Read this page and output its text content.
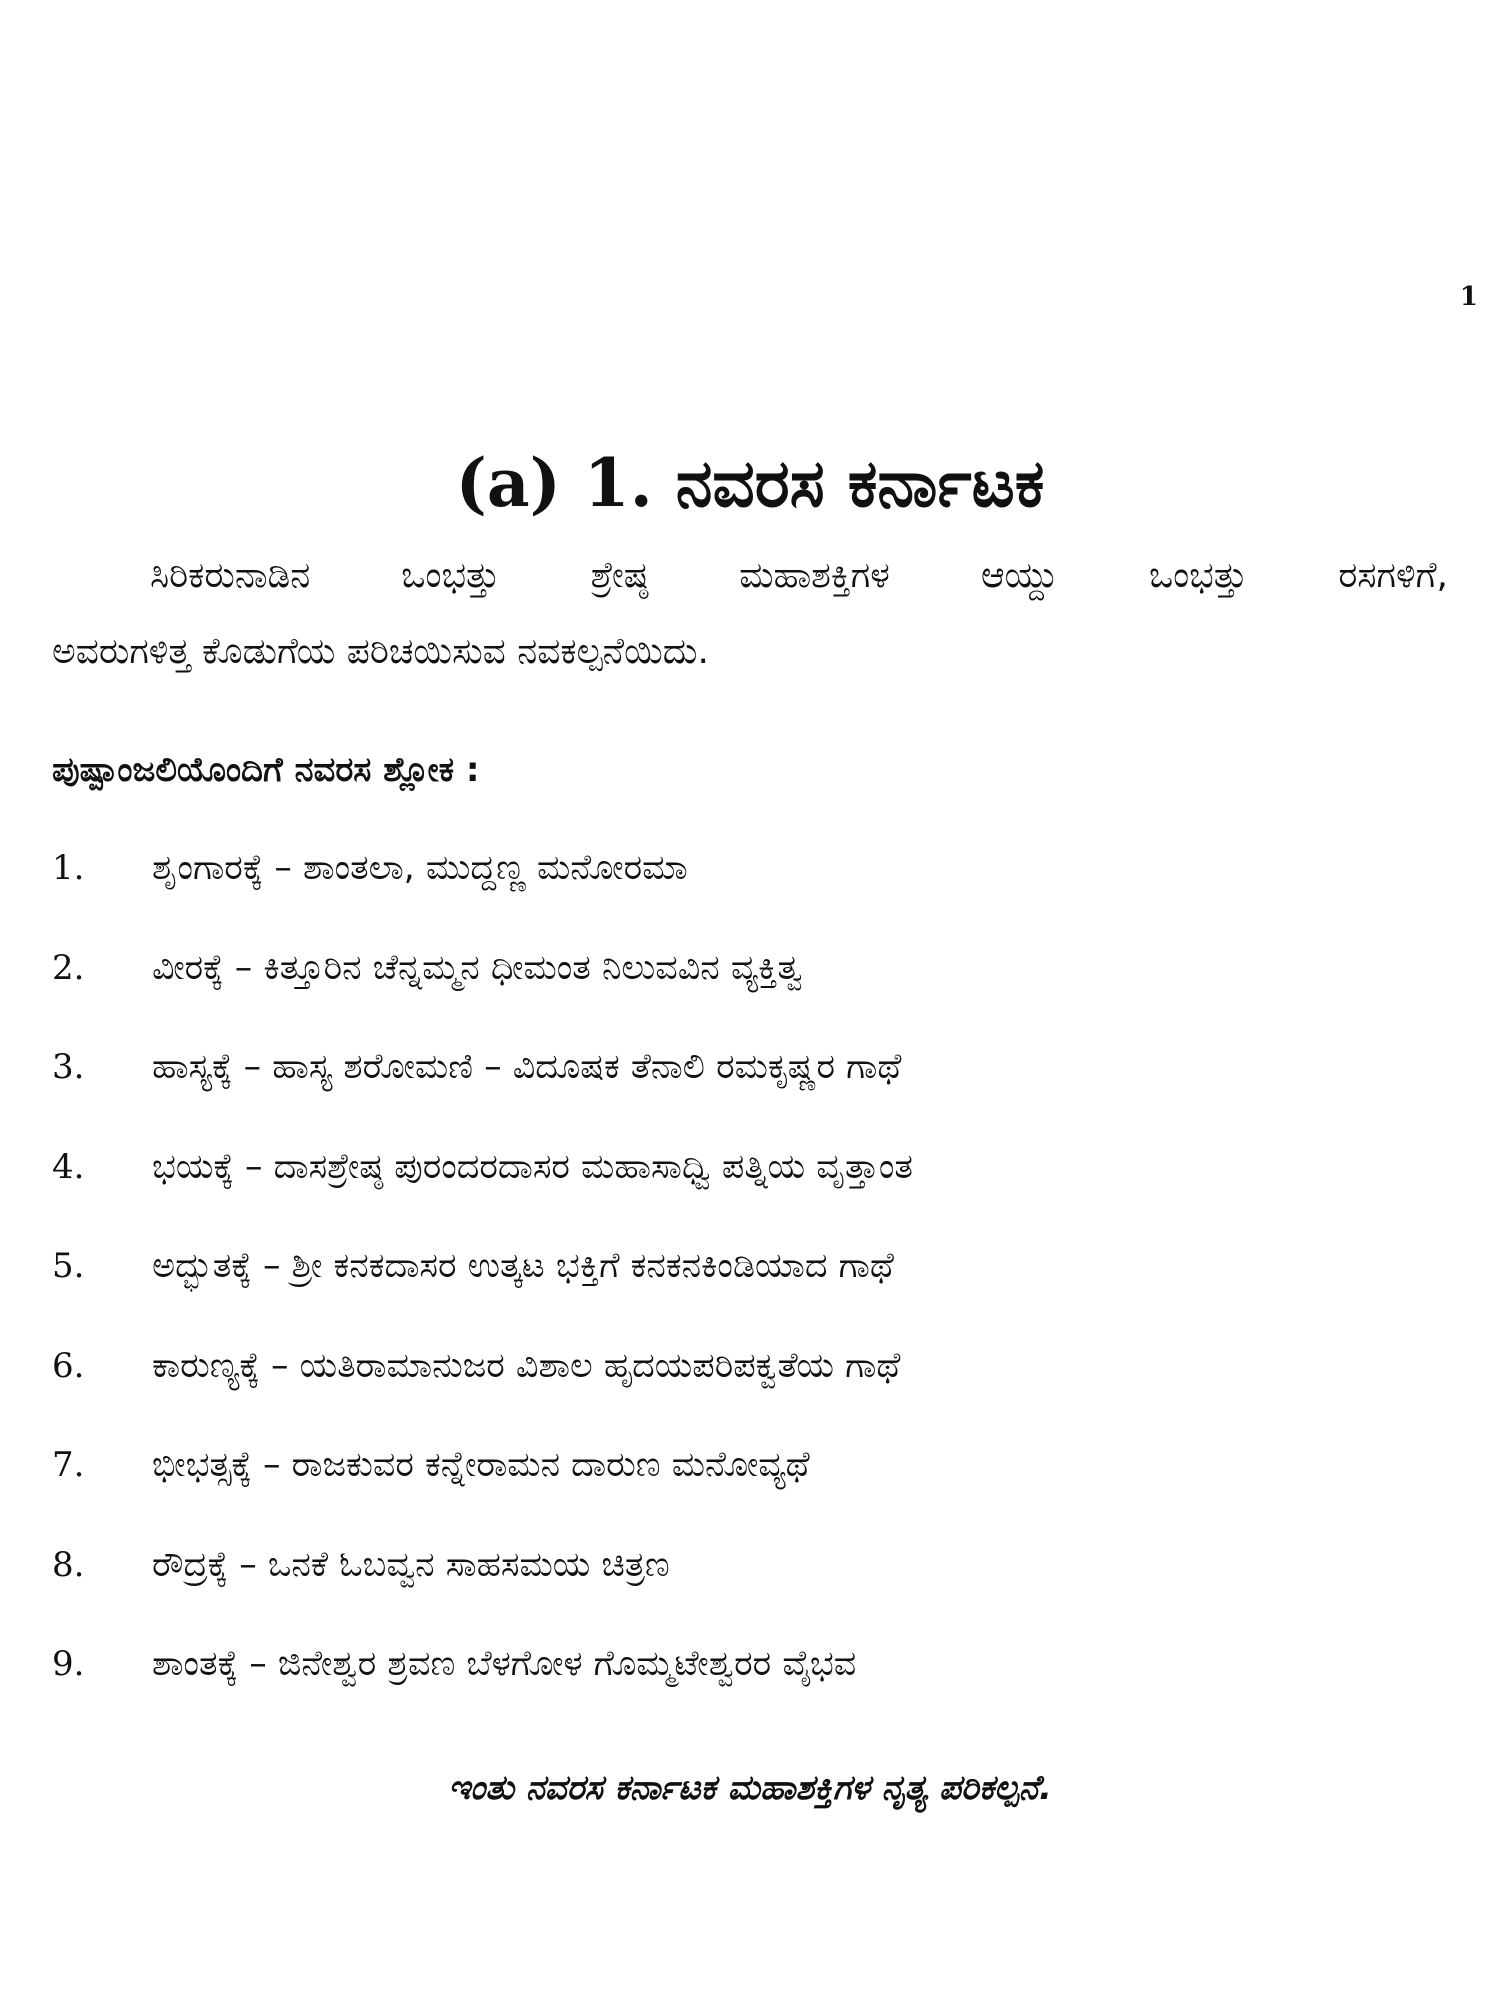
1
(a) 1. ನವರಸ ಕರ್ನಾಟಕ

ಸಿರಿಕರುನಾಡಿನ ಒಂಭತ್ತು ಶ್ರೇಷ್ಠ ಮಹಾಶಕ್ತಿಗಳ ಆಯ್ದು ಒಂಭತ್ತು ರಸಗಳಿಗೆ,
ಅವರುಗಳಿತ್ತ ಕೊಡುಗೆಯ ಪರಿಚಯಿಸುವ ನವಕಲ್ಪನೆಯಿದು.

ಪುಷ್ಪಾಂಜಲಿಯೊಂದಿಗೆ ನವರಸ ಶ್ಲೋಕ :
1.	ಶೃಂಗಾರಕ್ಕೆ – ಶಾಂತಲಾ, ಮುದ್ದಣ್ಣ ಮನೋರಮಾ
2.	ವೀರಕ್ಕೆ – ಕಿತ್ತೂರಿನ ಚೆನ್ನಮ್ಮನ ಧೀಮಂತ ನಿಲುವವಿನ ವ್ಯಕ್ತಿತ್ವ
3.	ಹಾಸ್ಯಕ್ಕೆ – ಹಾಸ್ಯ ಶರೋಮಣಿ – ವಿದೂಷಕ ತೆನಾಲಿ ರಮಕೃಷ್ಣರ ಗಾಥೆ
4.	ಭಯಕ್ಕೆ – ದಾಸಶ್ರೇಷ್ಠ ಪುರಂದರದಾಸರ ಮಹಾಸಾಧ್ವಿ ಪತ್ನಿಯ ವೃತ್ತಾಂತ
5.	ಅದ್ಭುತಕ್ಕೆ – ಶ್ರೀ ಕನಕದಾಸರ ಉತ್ಕಟ ಭಕ್ತಿಗೆ ಕನಕನಕಿಂಡಿಯಾದ ಗಾಥೆ
6.	ಕಾರುಣ್ಯಕ್ಕೆ – ಯತಿರಾಮಾನುಜರ ವಿಶಾಲ ಹೃದಯಪರಿಪಕ್ವತೆಯ ಗಾಥೆ
7.	ಭೀಭತ್ಸಕ್ಕೆ – ರಾಜಕುವರ ಕನ್ನೇರಾಮನ ದಾರುಣ ಮನೋವ್ಯಥೆ
8.	ರೌದ್ರಕ್ಕೆ – ಒನಕೆ ಓಬವ್ವನ ಸಾಹಸಮಯ ಚಿತ್ರಣ
9.	ಶಾಂತಕ್ಕೆ – ಜಿನೇಶ್ವರ ಶ್ರವಣ ಬೆಳಗೋಳ ಗೊಮ್ಮಟೇಶ್ವರರ ವೈಭವ
ಇಂತು ನವರಸ ಕರ್ನಾಟಕ ಮಹಾಶಕ್ತಿಗಳ ನೃತ್ಯ ಪರಿಕಲ್ಪನೆ.
